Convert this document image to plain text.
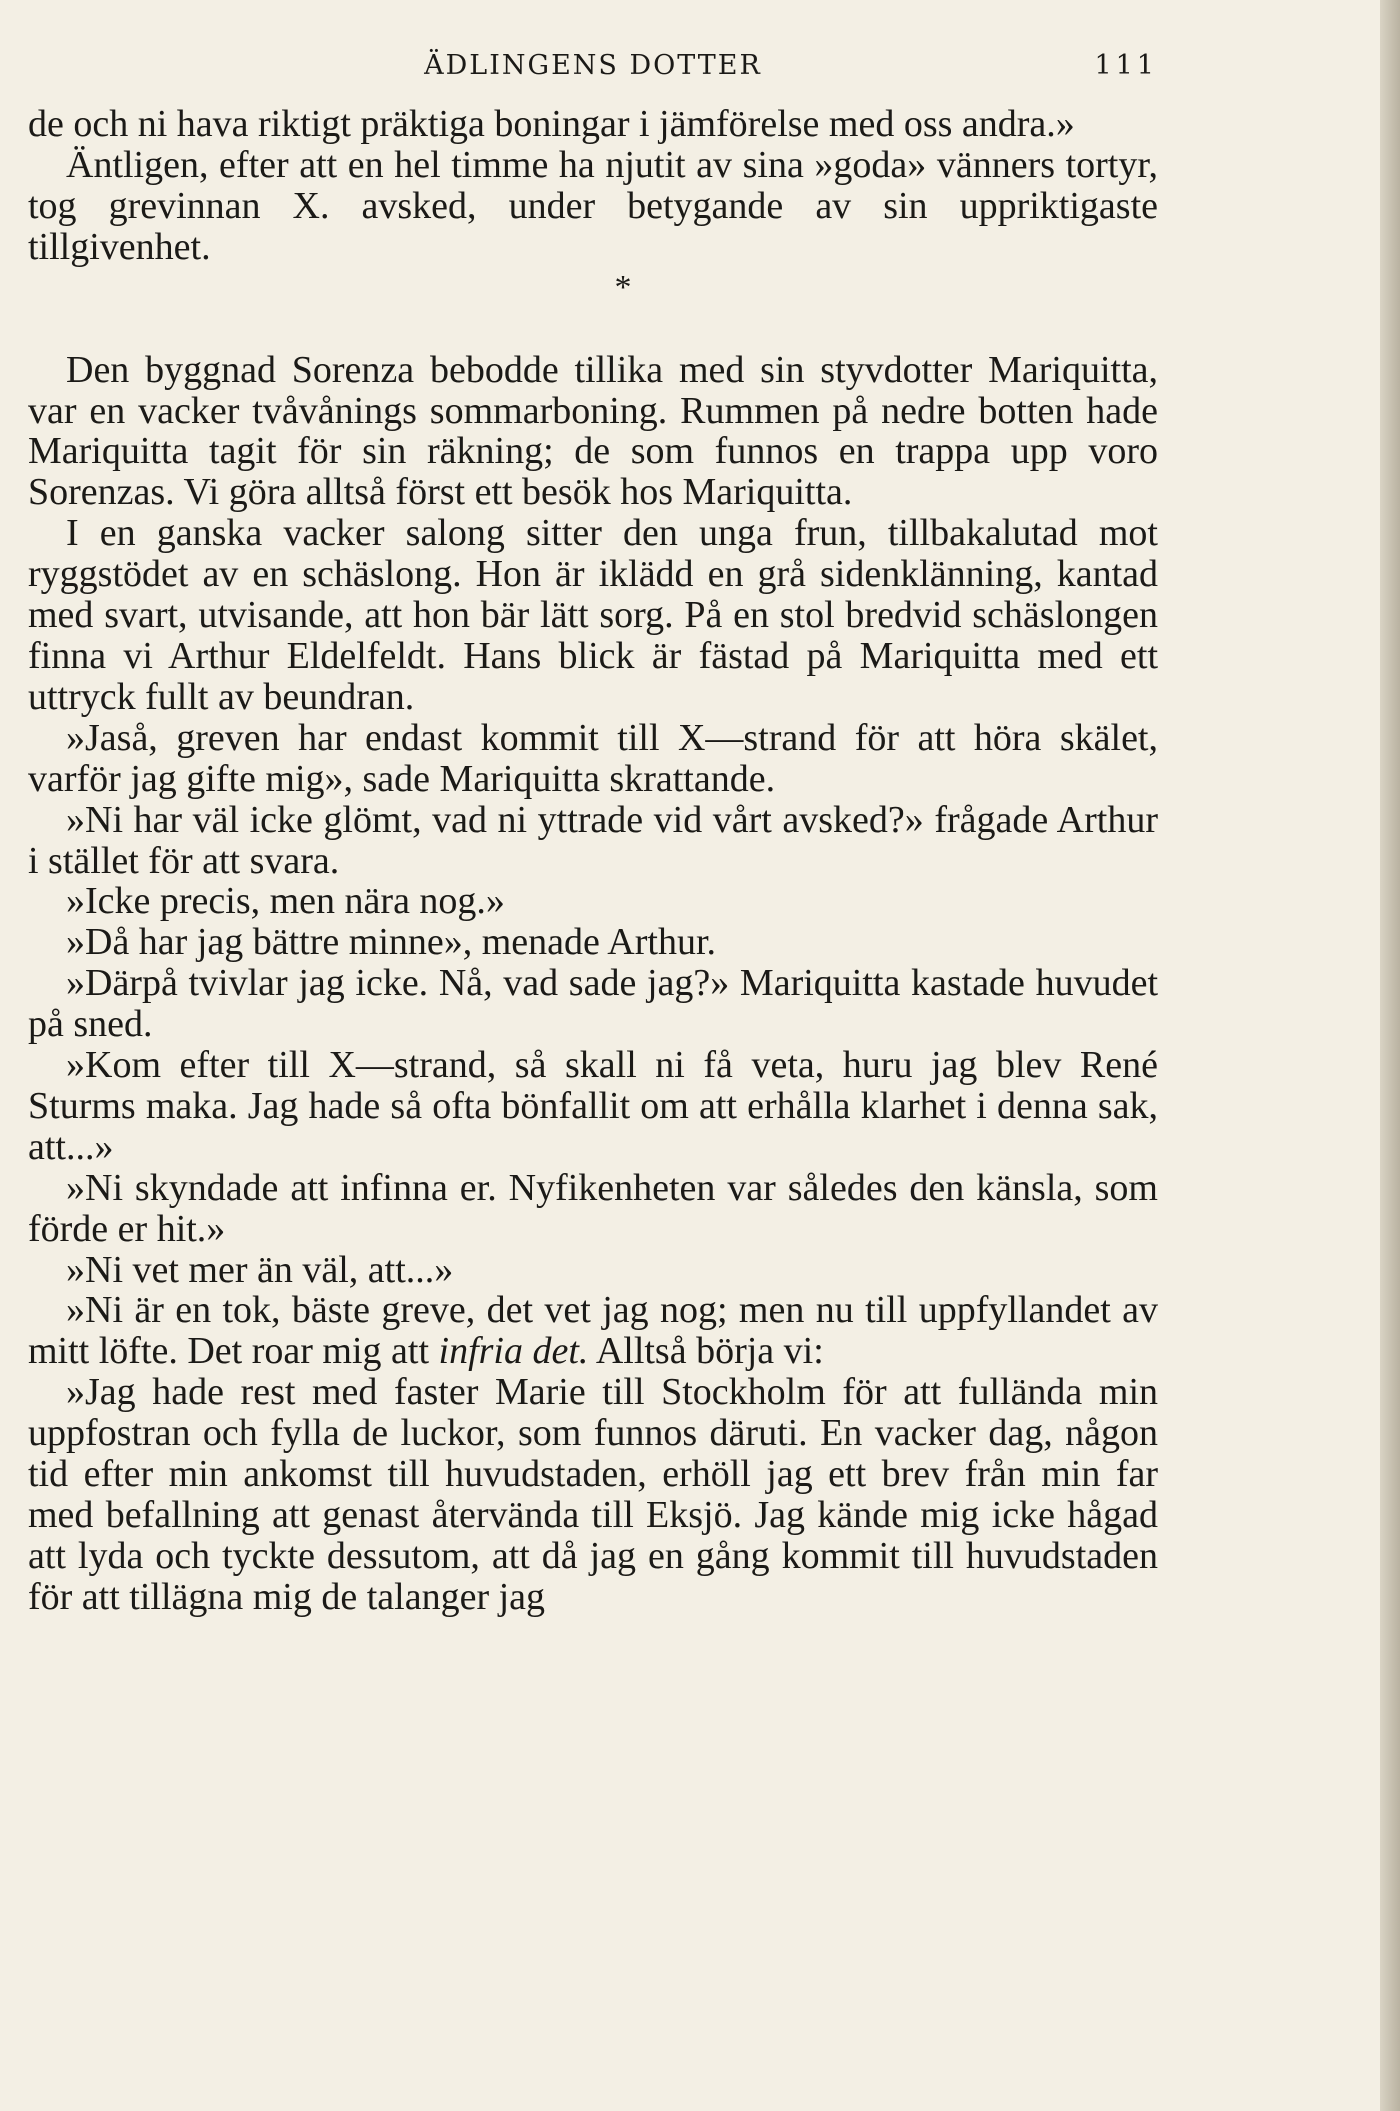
ÄDLINGENS DOTTER	111

de och ni hava riktigt präktiga boningar i jämförelse med oss andra.»

Äntligen, efter att en hel timme ha njutit av sina »goda» vänners tortyr, tog grevinnan X. avsked, under betygande av sin uppriktigaste tillgivenhet.

*

Den byggnad Sorenza bebodde tillika med sin styvdotter Mariquitta, var en vacker tvåvånings sommarboning. Rummen på nedre botten hade Mariquitta tagit för sin räkning; de som funnos en trappa upp voro Sorenzas. Vi göra alltså först ett besök hos Mariquitta.

I en ganska vacker salong sitter den unga frun, tillbakalutad mot ryggstödet av en schäslong. Hon är iklädd en grå sidenklänning, kantad med svart, utvisande, att hon bär lätt sorg. På en stol bredvid schäslongen finna vi Arthur Eldelfeldt. Hans blick är fästad på Mariquitta med ett uttryck fullt av beundran.

»Jaså, greven har endast kommit till X—strand för att höra skälet, varför jag gifte mig», sade Mariquitta skrattande.

»Ni har väl icke glömt, vad ni yttrade vid vårt avsked?» frågade Arthur i stället för att svara.

»Icke precis, men nära nog.»

»Då har jag bättre minne», menade Arthur.

»Därpå tvivlar jag icke. Nå, vad sade jag?» Mariquitta kastade huvudet på sned.

»Kom efter till X—strand, så skall ni få veta, huru jag blev René Sturms maka. Jag hade så ofta bönfallit om att erhålla klarhet i denna sak, att...»

»Ni skyndade att infinna er. Nyfikenheten var således den känsla, som förde er hit.»

»Ni vet mer än väl, att...»

»Ni är en tok, bäste greve, det vet jag nog; men nu till uppfyllandet av mitt löfte. Det roar mig att infria det. Alltså börja vi:

»Jag hade rest med faster Marie till Stockholm för att fullända min uppfostran och fylla de luckor, som funnos däruti. En vacker dag, någon tid efter min ankomst till huvudstaden, erhöll jag ett brev från min far med befallning att genast återvända till Eksjö. Jag kände mig icke hågad att lyda och tyckte dessutom, att då jag en gång kommit till huvudstaden för att tillägna mig de talanger jag
